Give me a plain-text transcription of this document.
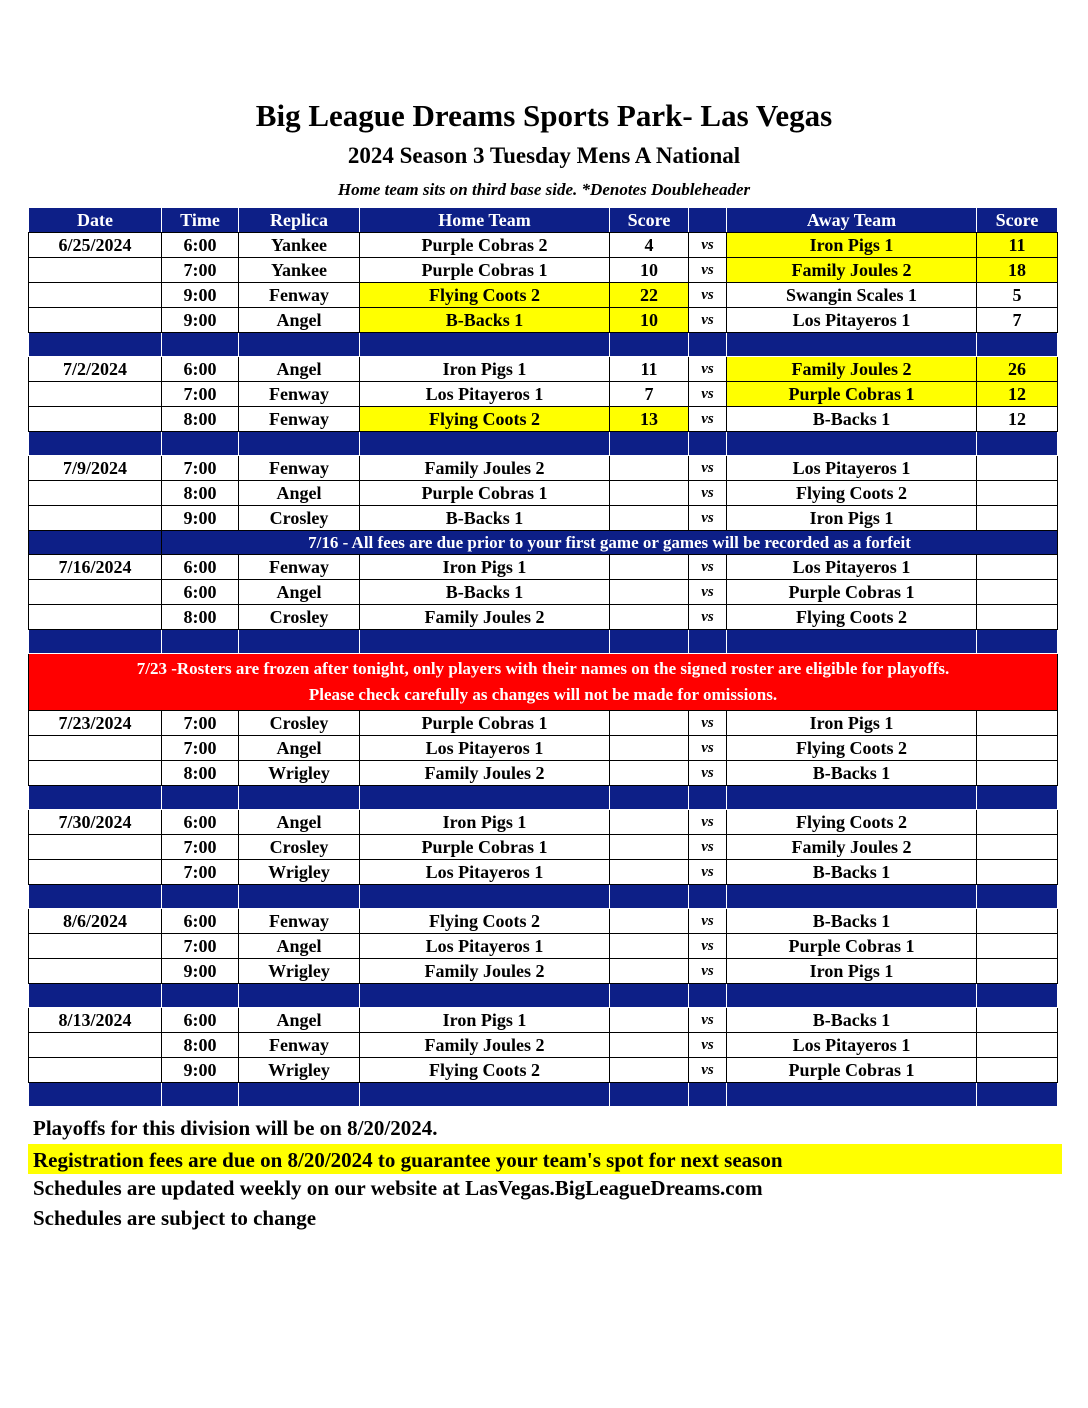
Big League Dreams Sports Park- Las Vegas
2024 Season 3 Tuesday Mens A National
Home team sits on third base side. *Denotes Doubleheader
Date	Time	Replica	Home Team	Score		Away Team	Score
6/25/2024	6:00	Yankee	Purple Cobras 2	4	vs	Iron Pigs 1	11
	7:00	Yankee	Purple Cobras 1	10	vs	Family Joules 2	18
	9:00	Fenway	Flying Coots 2	22	vs	Swangin Scales 1	5
	9:00	Angel	B-Backs 1	10	vs	Los Pitayeros 1	7

7/2/2024	6:00	Angel	Iron Pigs 1	11	vs	Family Joules 2	26
	7:00	Fenway	Los Pitayeros 1	7	vs	Purple Cobras 1	12
	8:00	Fenway	Flying Coots 2	13	vs	B-Backs 1	12

7/9/2024	7:00	Fenway	Family Joules 2		vs	Los Pitayeros 1	
	8:00	Angel	Purple Cobras 1		vs	Flying Coots 2	
	9:00	Crosley	B-Backs 1		vs	Iron Pigs 1	
	7/16 - All fees are due prior to your first game or games will be recorded as a forfeit						
7/16/2024	6:00	Fenway	Iron Pigs 1		vs	Los Pitayeros 1	
	6:00	Angel	B-Backs 1		vs	Purple Cobras 1	
	8:00	Crosley	Family Joules 2		vs	Flying Coots 2	

7/23 -Rosters are frozen after tonight, only players with their names on the signed roster are eligible for playoffs.
Please check carefully as changes will not be made for omissions.							

7/23/2024	7:00	Crosley	Purple Cobras 1		vs	Iron Pigs 1	
	7:00	Angel	Los Pitayeros 1		vs	Flying Coots 2	
	8:00	Wrigley	Family Joules 2		vs	B-Backs 1	

7/30/2024	6:00	Angel	Iron Pigs 1		vs	Flying Coots 2	
	7:00	Crosley	Purple Cobras 1		vs	Family Joules 2	
	7:00	Wrigley	Los Pitayeros 1		vs	B-Backs 1	

8/6/2024	6:00	Fenway	Flying Coots 2		vs	B-Backs 1	
	7:00	Angel	Los Pitayeros 1		vs	Purple Cobras 1	
	9:00	Wrigley	Family Joules 2		vs	Iron Pigs 1	

8/13/2024	6:00	Angel	Iron Pigs 1		vs	B-Backs 1	
	8:00	Fenway	Family Joules 2		vs	Los Pitayeros 1	
	9:00	Wrigley	Flying Coots 2		vs	Purple Cobras 1	

Playoffs for this division will be on 8/20/2024.
Registration fees are due on 8/20/2024 to guarantee your team's spot for next season
Schedules are updated weekly on our website at LasVegas.BigLeagueDreams.com
Schedules are subject to change
